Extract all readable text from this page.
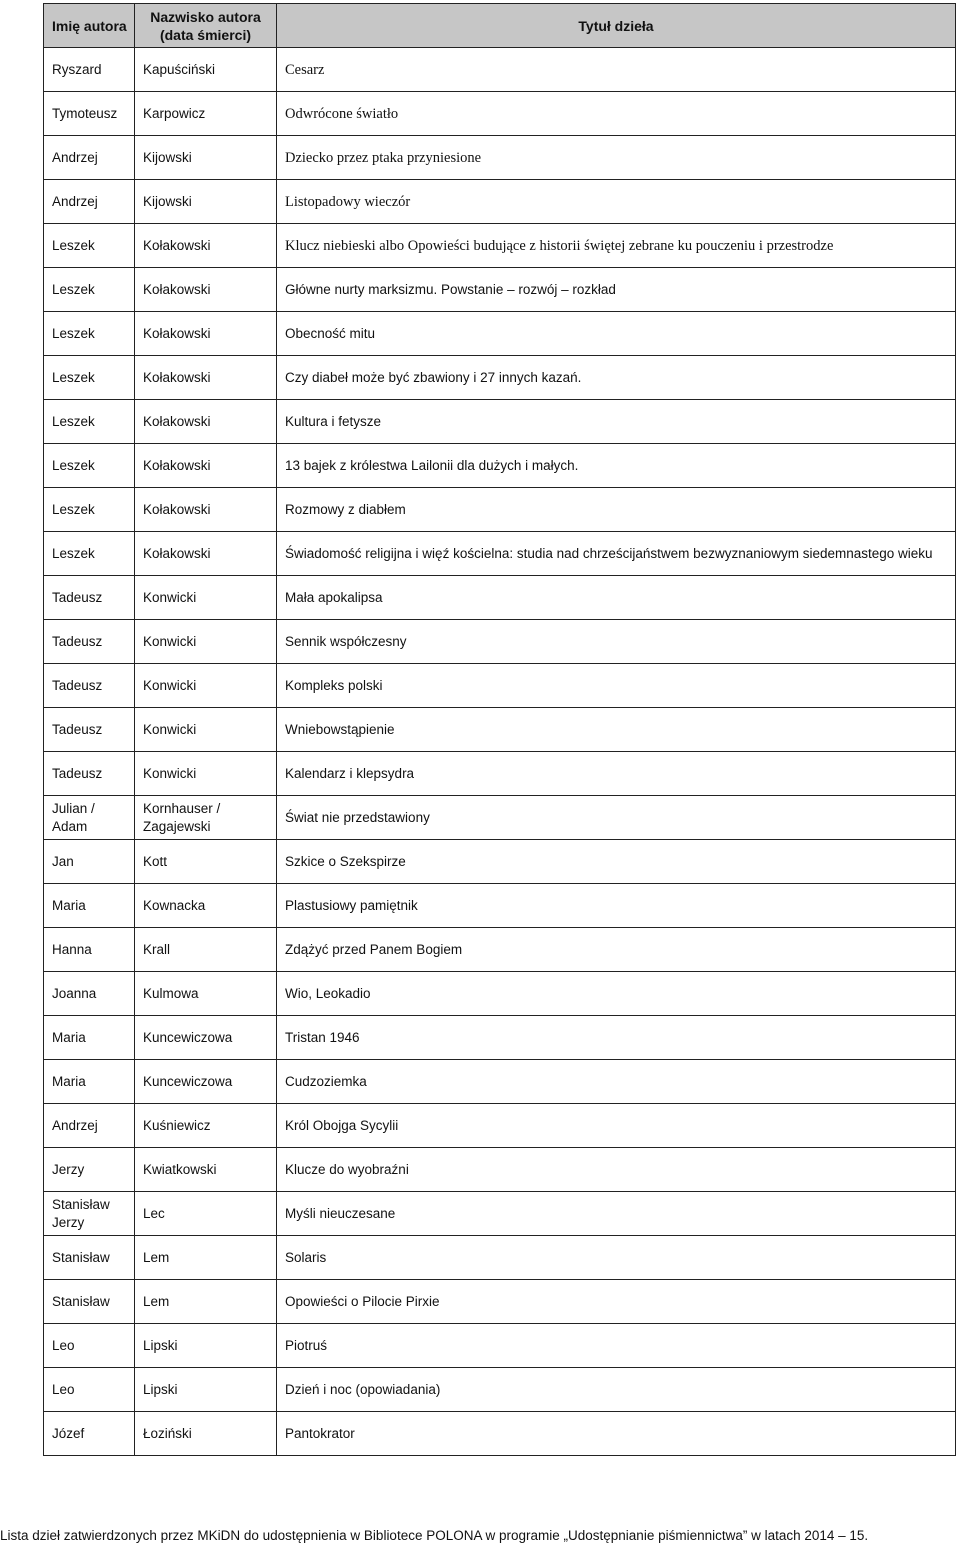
Imię autora	Nazwisko autora (data śmierci)	Tytuł dzieła
Ryszard	Kapuściński	Cesarz
Tymoteusz	Karpowicz	Odwrócone światło
Andrzej	Kijowski	Dziecko przez ptaka przyniesione
Andrzej	Kijowski	Listopadowy wieczór
Leszek	Kołakowski	Klucz niebieski albo Opowieści budujące z historii świętej zebrane ku pouczeniu i przestrodze
Leszek	Kołakowski	Główne nurty marksizmu. Powstanie – rozwój – rozkład
Leszek	Kołakowski	Obecność mitu
Leszek	Kołakowski	Czy diabeł może być zbawiony i 27 innych kazań.
Leszek	Kołakowski	Kultura i fetysze
Leszek	Kołakowski	13 bajek z królestwa Lailonii dla dużych i małych.
Leszek	Kołakowski	Rozmowy z diabłem
Leszek	Kołakowski	Świadomość religijna i więź kościelna: studia nad chrześcijaństwem bezwyznaniowym siedemnastego wieku
Tadeusz	Konwicki	Mała apokalipsa
Tadeusz	Konwicki	Sennik współczesny
Tadeusz	Konwicki	Kompleks polski
Tadeusz	Konwicki	Wniebowstąpienie
Tadeusz	Konwicki	Kalendarz i klepsydra
Julian / Adam	Kornhauser / Zagajewski	Świat nie przedstawiony
Jan	Kott	Szkice o Szekspirze
Maria	Kownacka	Plastusiowy pamiętnik
Hanna	Krall	Zdążyć przed Panem Bogiem
Joanna	Kulmowa	Wio, Leokadio
Maria	Kuncewiczowa	Tristan 1946
Maria	Kuncewiczowa	Cudzoziemka
Andrzej	Kuśniewicz	Król Obojga Sycylii
Jerzy	Kwiatkowski	Klucze do wyobraźni
Stanisław Jerzy	Lec	Myśli nieuczesane
Stanisław	Lem	Solaris
Stanisław	Lem	Opowieści o Pilocie Pirxie
Leo	Lipski	Piotruś
Leo	Lipski	Dzień i noc (opowiadania)
Józef	Łoziński	Pantokrator
Lista dzieł zatwierdzonych przez MKiDN do udostępnienia w Bibliotece POLONA w programie „Udostępnianie piśmiennictwa” w latach 2014 – 15.
